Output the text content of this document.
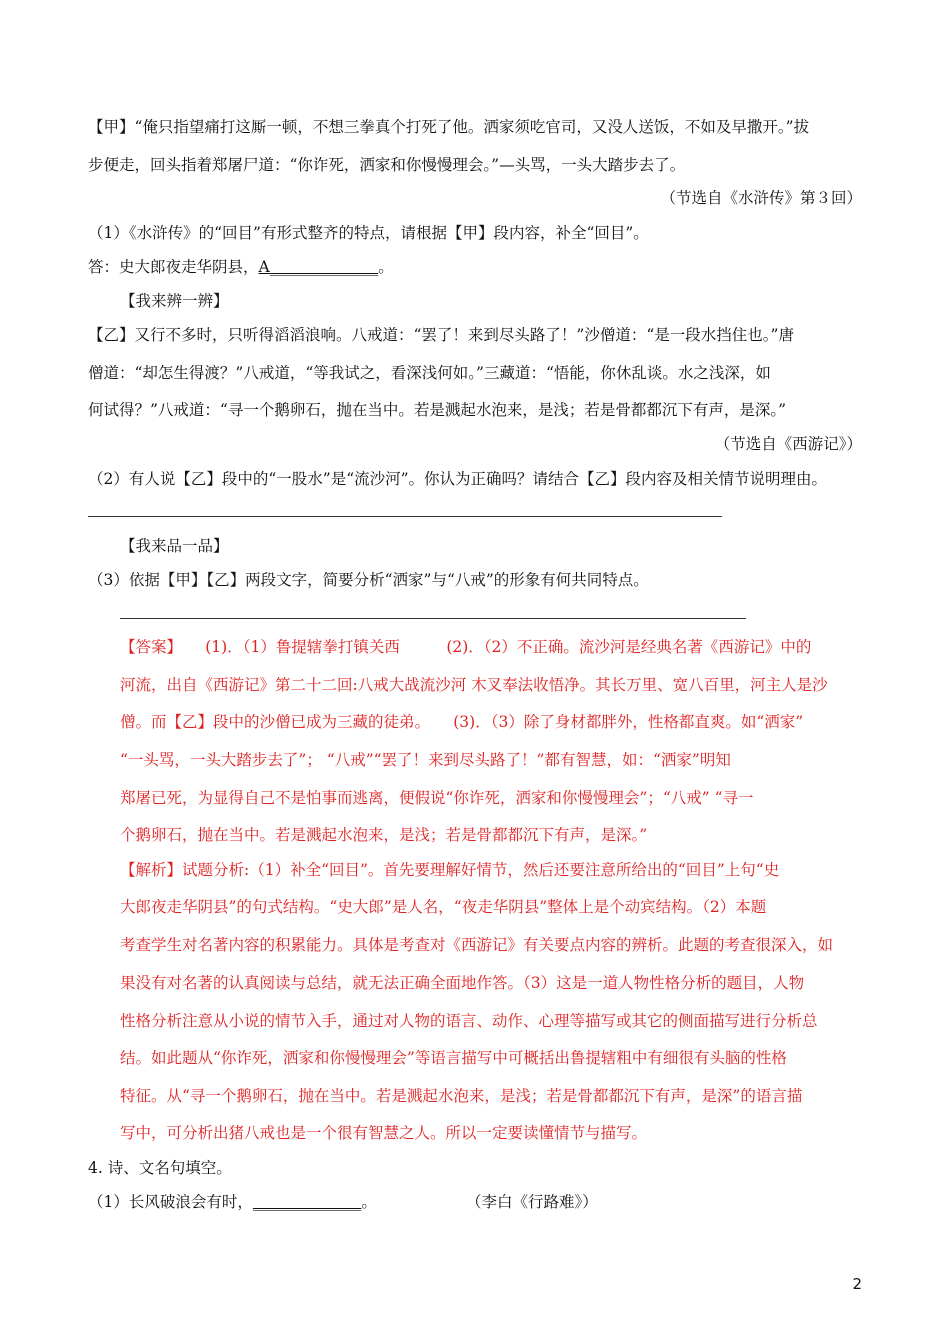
【甲】“俺只指望痛打这厮一顿，不想三拳真个打死了他。洒家须吃官司，又没人送饭，不如及早撒开。”拔
步便走，回头指着郑屠尸道：“你诈死，洒家和你慢慢理会。”—头骂，一头大踏步去了。
（节选自《水浒传》第３回）
（1）《水浒传》的“回目”有形式整齐的特点，请根据【甲】段内容，补全“回目”。
答：史大郎夜走华阴县，A______________。
【我来辨一辨】
【乙】又行不多时，只听得滔滔浪响。八戒道：“罢了！来到尽头路了！”沙僧道：“是一段水挡住也。”唐
僧道：“却怎生得渡？”八戒道，“等我试之，看深浅何如。”三藏道：“悟能，你休乱谈。水之浅深，如
何试得？”八戒道：“寻一个鹅卵石，抛在当中。若是溅起水泡来，是浅；若是骨都都沉下有声，是深。”
（节选自《西游记》）
（2）有人说【乙】段中的“一股水”是“流沙河”。你认为正确吗？请结合【乙】段内容及相关情节说明理由。
【我来品一品】
（3）依据【甲】【乙】两段文字，简要分析“洒家”与“八戒”的形象有何共同特点。
【答案】　　(1)．（1）鲁提辖拳打镇关西　　　(2)．（2）不正确。流沙河是经典名著《西游记》中的
河流，出自《西游记》第二十二回:八戒大战流沙河 木叉奉法收悟净。其长万里、宽八百里，河主人是沙
僧。而【乙】段中的沙僧已成为三藏的徒弟。　　(3)．（3）除了身材都胖外，性格都直爽。如“洒家”
“一头骂，一头大踏步去了”； “八戒”“罢了！来到尽头路了！”都有智慧，如：“洒家”明知
郑屠已死，为显得自己不是怕事而逃离，便假说“你诈死，洒家和你慢慢理会”；“八戒” “寻一
个鹅卵石，抛在当中。若是溅起水泡来，是浅；若是骨都都沉下有声，是深。”
【解析】试题分析:（1）补全“回目”。首先要理解好情节，然后还要注意所给出的“回目”上句“史
大郎夜走华阴县”的句式结构。“史大郎”是人名，“夜走华阴县”整体上是个动宾结构。（2）本题
考查学生对名著内容的积累能力。具体是考查对《西游记》有关要点内容的辨析。此题的考查很深入，如
果没有对名著的认真阅读与总结，就无法正确全面地作答。（3）这是一道人物性格分析的题目，人物
性格分析注意从小说的情节入手，通过对人物的语言、动作、心理等描写或其它的侧面描写进行分析总
结。如此题从“你诈死，洒家和你慢慢理会”等语言描写中可概括出鲁提辖粗中有细很有头脑的性格
特征。从“寻一个鹅卵石，抛在当中。若是溅起水泡来，是浅；若是骨都都沉下有声，是深”的语言描
写中，可分析出猪八戒也是一个很有智慧之人。所以一定要读懂情节与描写。
4. 诗、文名句填空。
（1）长风破浪会有时，______________。	（李白《行路难》）
2
